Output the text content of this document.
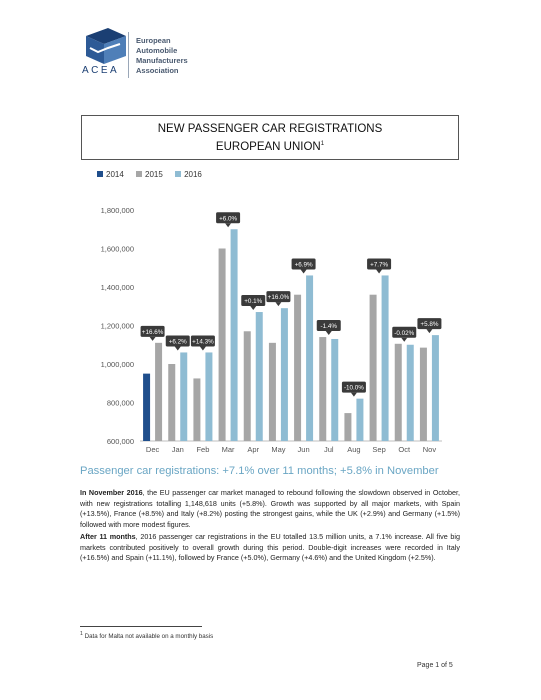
ACEA
European
Automobile
Manufacturers
Association
NEW PASSENGER CAR REGISTRATIONS
EUROPEAN UNION$^1$
2014	2015	2016
600,000
800,000
1,000,000
1,200,000
1,400,000
1,600,000
1,800,000
Dec
+16.6%
Jan
+6.2%
Feb
+14.3%
Mar
+6.0%
Apr
+0.1%
May
+16.0%
Jun
+6.9%
Jul
-1.4%
Aug
-10.0%
Sep
+7.7%
Oct
-0.02%
Nov
+5.8%
Passenger car registrations: +7.1% over 11 months; +5.8% in November
In November 2016, the EU passenger car market managed to rebound following the slowdown observed in October, with new registrations totalling 1,148,618 units (+5.8%). Growth was supported by all major markets, with Spain (+13.5%), France (+8.5%) and Italy (+8.2%) posting the strongest gains, while the UK (+2.9%) and Germany (+1.5%) followed with more modest figures.
After 11 months, 2016 passenger car registrations in the EU totalled 13.5 million units, a 7.1% increase. All five big markets contributed positively to overall growth during this period. Double-digit increases were recorded in Italy (+16.5%) and Spain (+11.1%), followed by France (+5.0%), Germany (+4.6%) and the United Kingdom (+2.5%).
$^1$ Data for Malta not available on a monthly basis
Page 1 of 5
